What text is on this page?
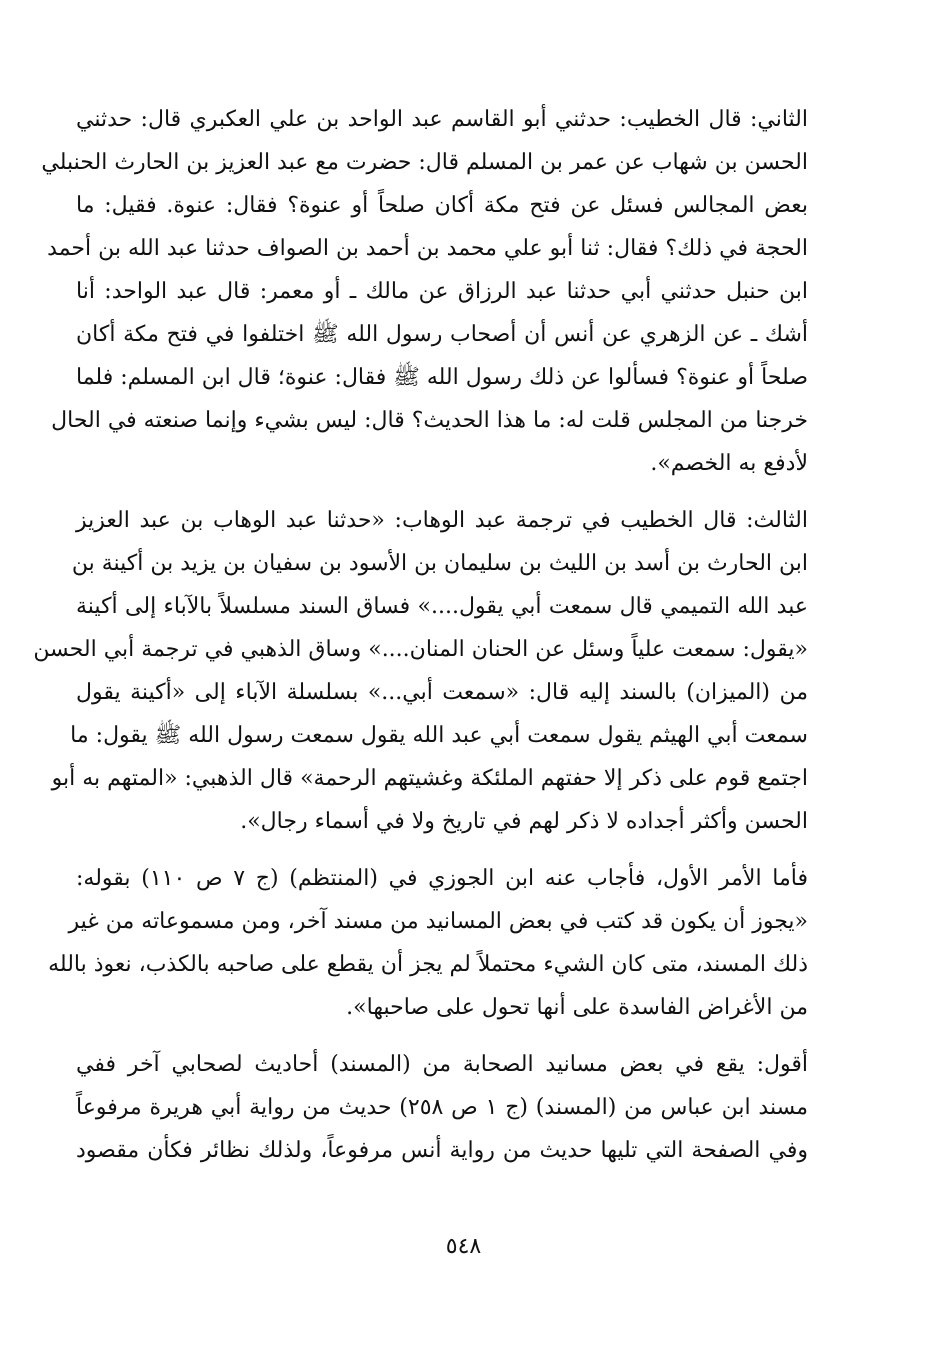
الثاني: قال الخطيب: حدثني أبو القاسم عبد الواحد بن علي العكبري قال: حدثني
الحسن بن شهاب عن عمر بن المسلم قال: حضرت مع عبد العزيز بن الحارث الحنبلي
بعض المجالس فسئل عن فتح مكة أكان صلحاً أو عنوة؟ فقال: عنوة. فقيل: ما
الحجة في ذلك؟ فقال: ثنا أبو علي محمد بن أحمد بن الصواف حدثنا عبد الله بن أحمد
ابن حنبل حدثني أبي حدثنا عبد الرزاق عن مالك ـ أو معمر: قال عبد الواحد: أنا
أشك ـ عن الزهري عن أنس أن أصحاب رسول الله ﷺ اختلفوا في فتح مكة أكان
صلحاً أو عنوة؟ فسألوا عن ذلك رسول الله ﷺ فقال: عنوة؛ قال ابن المسلم: فلما
خرجنا من المجلس قلت له: ما هذا الحديث؟ قال: ليس بشيء وإنما صنعته في الحال
لأدفع به الخصم».

الثالث: قال الخطيب في ترجمة عبد الوهاب: «حدثنا عبد الوهاب بن عبد العزيز
ابن الحارث بن أسد بن الليث بن سليمان بن الأسود بن سفيان بن يزيد بن أكينة بن
عبد الله التميمي قال سمعت أبي يقول....» فساق السند مسلسلاً بالآباء إلى أكينة
«يقول: سمعت علياً وسئل عن الحنان المنان....» وساق الذهبي في ترجمة أبي الحسن
من (الميزان) بالسند إليه قال: «سمعت أبي...» بسلسلة الآباء إلى «أكينة يقول
سمعت أبي الهيثم يقول سمعت أبي عبد الله يقول سمعت رسول الله ﷺ يقول: ما
اجتمع قوم على ذكر إلا حفتهم الملئكة وغشيتهم الرحمة» قال الذهبي: «المتهم به أبو
الحسن وأكثر أجداده لا ذكر لهم في تاريخ ولا في أسماء رجال».

فأما الأمر الأول، فأجاب عنه ابن الجوزي في (المنتظم) (ج ٧ ص ١١٠) بقوله:
«يجوز أن يكون قد كتب في بعض المسانيد من مسند آخر، ومن مسموعاته من غير
ذلك المسند، متى كان الشيء محتملاً لم يجز أن يقطع على صاحبه بالكذب، نعوذ بالله
من الأغراض الفاسدة على أنها تحول على صاحبها».

أقول: يقع في بعض مسانيد الصحابة من (المسند) أحاديث لصحابي آخر ففي
مسند ابن عباس من (المسند) (ج ١ ص ٢٥٨) حديث من رواية أبي هريرة مرفوعاً
وفي الصفحة التي تليها حديث من رواية أنس مرفوعاً، ولذلك نظائر فكأن مقصود

٥٤٨
